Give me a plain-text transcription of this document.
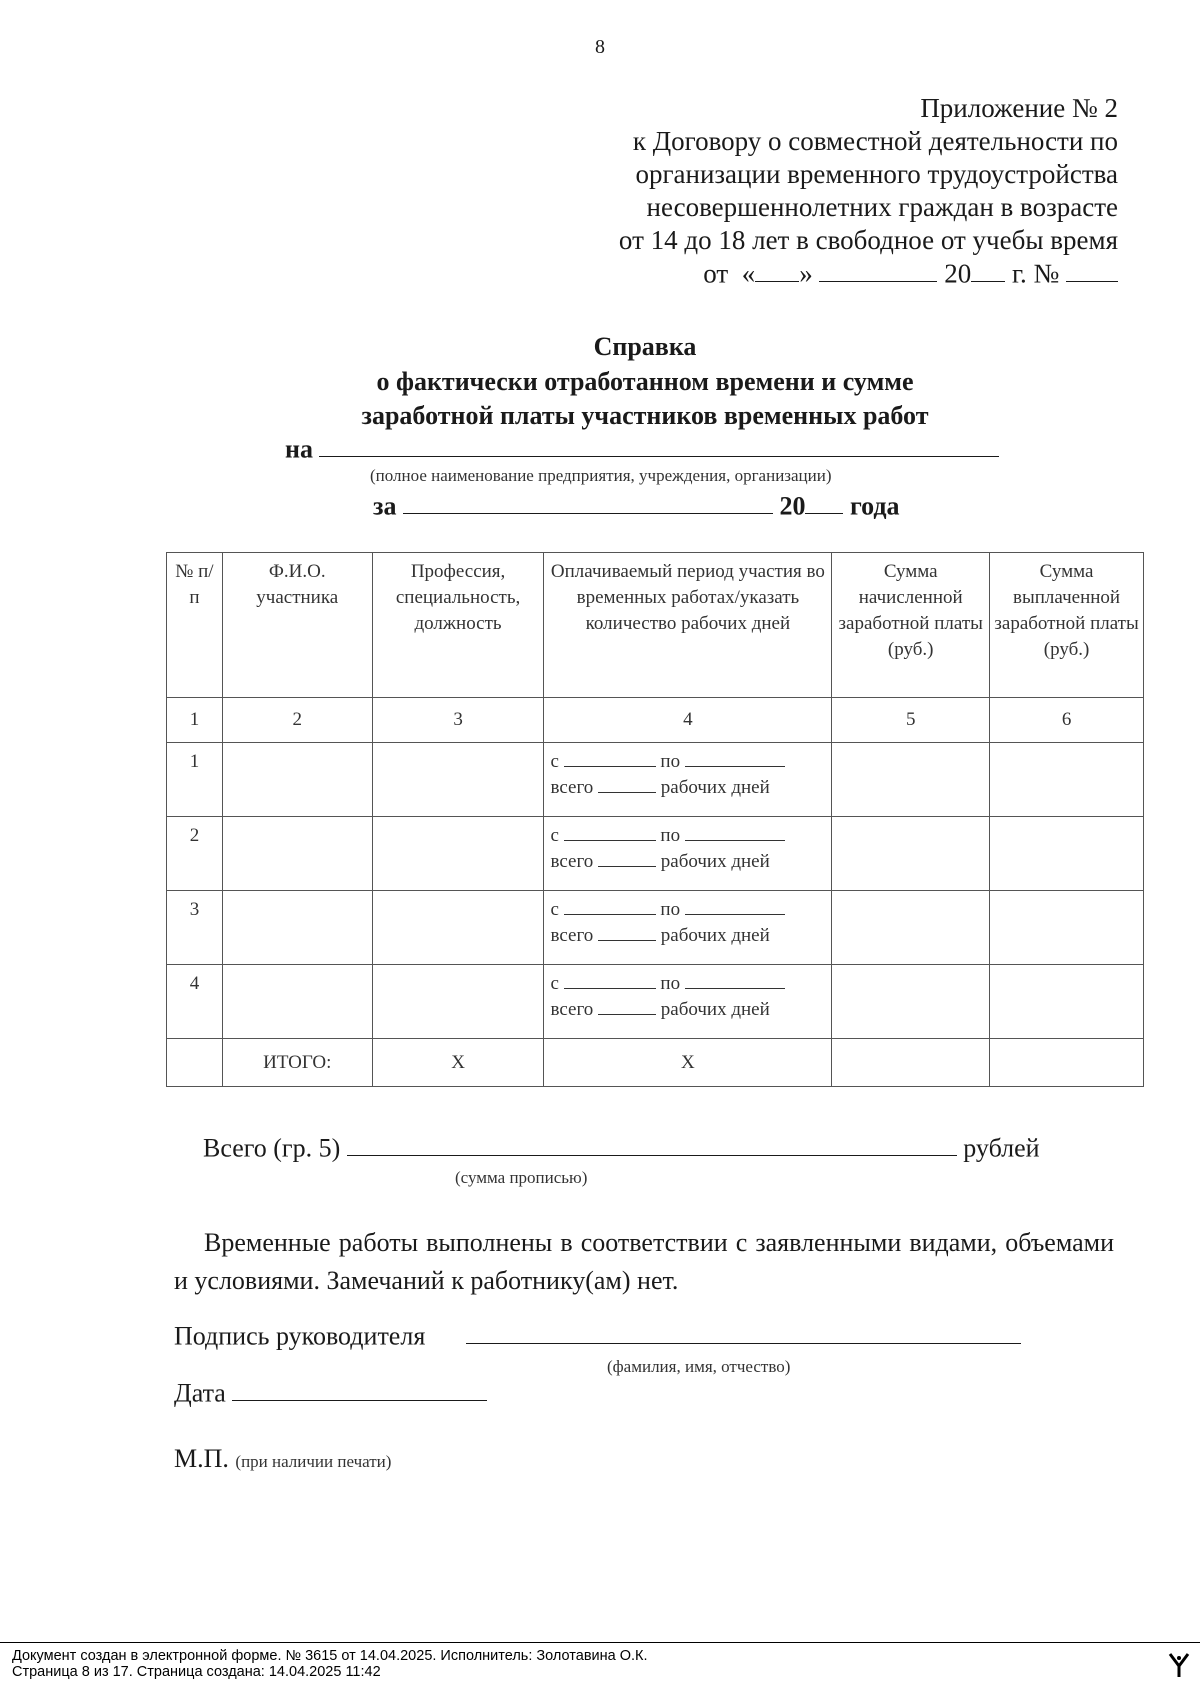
8
Приложение № 2
к Договору о совместной деятельности по
организации временного трудоустройства
несовершеннолетних граждан в возрасте
от 14 до 18 лет в свободное от учебы время
от « »	20 г. №
Справка
о фактически отработанном времени и сумме
заработной платы участников временных работ
на
(полное наименование предприятия, учреждения, организации)
за	20 года
№ п/п	Ф.И.О. участника	Профессия, специальность, должность	Оплачиваемый период участия во временных работах/указать количество рабочих дней	Сумма начисленной заработной платы (руб.)	Сумма выплаченной заработной платы (руб.)
1	2	3	4	5	6
1			с по
всего рабочих дней		
2			с по
всего рабочих дней		
3			с по
всего рабочих дней		
4			с по
всего рабочих дней		
	ИТОГО:	Х	Х		
Всего (гр. 5)	рублей
(сумма прописью)
Временные работы выполнены в соответствии с заявленными видами, объемами и условиями. Замечаний к работнику(ам) нет.
Подпись руководителя
(фамилия, имя, отчество)
Дата
М.П. (при наличии печати)
Документ создан в электронной форме. № 3615 от 14.04.2025. Исполнитель: Золотавина О.К.
Страница 8 из 17. Страница создана: 14.04.2025 11:42
